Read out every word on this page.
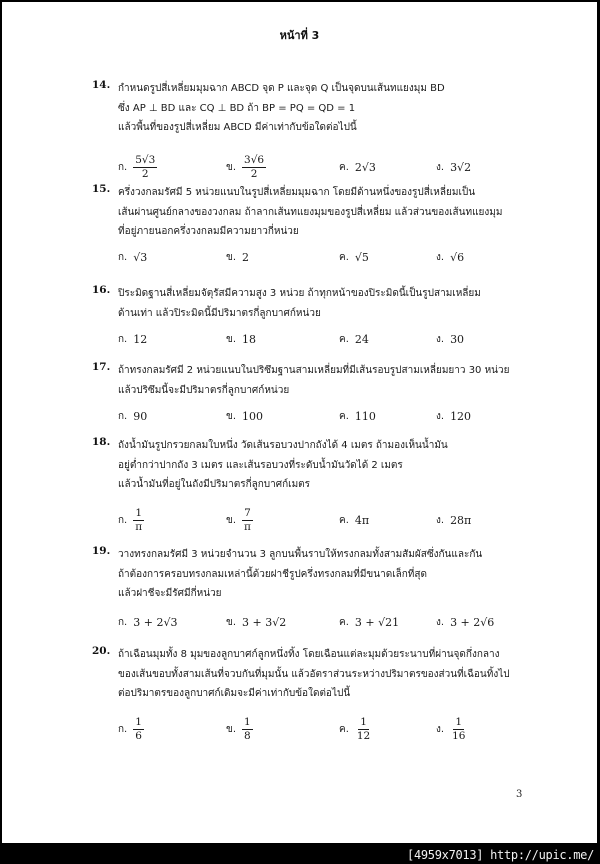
หน้าที่ 3
14. กำหนดรูปสี่เหลี่ยมมุมฉาก ABCD จุด P และจุด Q เป็นจุดบนเส้นทแยงมุม BD
ซึ่ง AP ⊥ BD และ CQ ⊥ BD ถ้า BP = PQ = QD = 1
แล้วพื้นที่ของรูปสี่เหลี่ยม ABCD มีค่าเท่ากับข้อใดต่อไปนี้
ก. $\frac{5√3}{2}$	ข. $\frac{3√6}{2}$	ค. 2√3	ง. 3√2
15. ครึ่งวงกลมรัศมี 5 หน่วยแนบในรูปสี่เหลี่ยมมุมฉาก โดยมีด้านหนึ่งของรูปสี่เหลี่ยมเป็น
เส้นผ่านศูนย์กลางของวงกลม ถ้าลากเส้นทแยงมุมของรูปสี่เหลี่ยม แล้วส่วนของเส้นทแยงมุม
ที่อยู่ภายนอกครึ่งวงกลมมีความยาวกี่หน่วย
ก. √3	ข. 2	ค. √5	ง. √6
16. ปิระมิดฐานสี่เหลี่ยมจัตุรัสมีความสูง 3 หน่วย ถ้าทุกหน้าของปิระมิดนี้เป็นรูปสามเหลี่ยม
ด้านเท่า แล้วปิระมิดนี้มีปริมาตรกี่ลูกบาศก์หน่วย
ก. 12	ข. 18	ค. 24	ง. 30
17. ถ้าทรงกลมรัศมี 2 หน่วยแนบในปริซึมฐานสามเหลี่ยมที่มีเส้นรอบรูปสามเหลี่ยมยาว 30 หน่วย
แล้วปริซึมนี้จะมีปริมาตรกี่ลูกบาศก์หน่วย
ก. 90	ข. 100	ค. 110	ง. 120
18. ถังน้ำมันรูปกรวยกลมใบหนึ่ง วัดเส้นรอบวงปากถังได้ 4 เมตร ถ้ามองเห็นน้ำมัน
อยู่ต่ำกว่าปากถัง 3 เมตร และเส้นรอบวงที่ระดับน้ำมันวัดได้ 2 เมตร
แล้วน้ำมันที่อยู่ในถังมีปริมาตรกี่ลูกบาศก์เมตร
ก. $\frac{1}{\pi}$	ข. $\frac{7}{\pi}$	ค. 4π	ง. 28π
19. วางทรงกลมรัศมี 3 หน่วยจำนวน 3 ลูกบนพื้นราบให้ทรงกลมทั้งสามสัมผัสซึ่งกันและกัน
ถ้าต้องการครอบทรงกลมเหล่านี้ด้วยฝาชีรูปครึ่งทรงกลมที่มีขนาดเล็กที่สุด
แล้วฝาชีจะมีรัศมีกี่หน่วย
ก. 3 + 2√3	ข. 3 + 3√2	ค. 3 + √21	ง. 3 + 2√6
20. ถ้าเฉือนมุมทั้ง 8 มุมของลูกบาศก์ลูกหนึ่งทิ้ง โดยเฉือนแต่ละมุมด้วยระนาบที่ผ่านจุดกึ่งกลาง
ของเส้นขอบทั้งสามเส้นที่จวบกันที่มุมนั้น แล้วอัตราส่วนระหว่างปริมาตรของส่วนที่เฉือนทิ้งไป
ต่อปริมาตรของลูกบาศก์เดิมจะมีค่าเท่ากับข้อใดต่อไปนี้
ก. $\frac{1}{6}$	ข. $\frac{1}{8}$	ค. $\frac{1}{12}$	ง. $\frac{1}{16}$
3
[4959x7013] http://upic.me/
